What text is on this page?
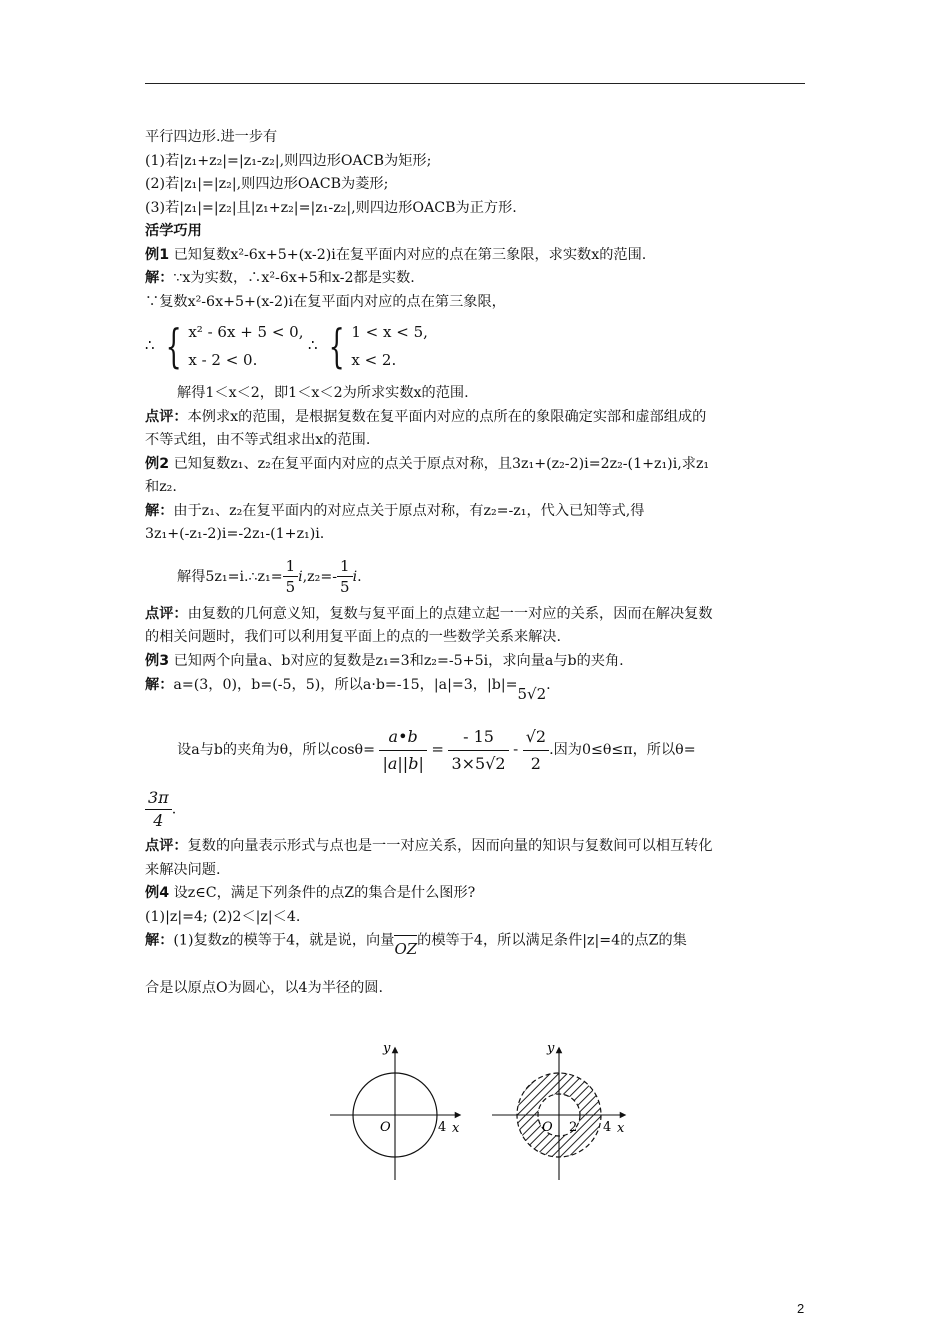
平行四边形.进一步有
(1)若|z₁+z₂|=|z₁-z₂|,则四边形OACB为矩形;
(2)若|z₁|=|z₂|,则四边形OACB为菱形;
(3)若|z₁|=|z₂|且|z₁+z₂|=|z₁-z₂|,则四边形OACB为正方形.
活学巧用
例1 已知复数x²-6x+5+(x-2)i在复平面内对应的点在第三象限，求实数x的范围.
解：∵x为实数，∴x²-6x+5和x-2都是实数.
∵复数x²-6x+5+(x-2)i在复平面内对应的点在第三象限，
∴ { x² - 6x + 5 < 0,
x - 2 < 0.
∴ { 1 < x < 5,
x < 2.
解得1＜x＜2，即1＜x＜2为所求实数x的范围.
点评：本例求x的范围，是根据复数在复平面内对应的点所在的象限确定实部和虚部组成的
不等式组，由不等式组求出x的范围.
例2 已知复数z₁、z₂在复平面内对应的点关于原点对称，且3z₁+(z₂-2)i=2z₂-(1+z₁)i,求z₁
和z₂.
解：由于z₁、z₂在复平面内的对应点关于原点对称，有z₂=-z₁，代入已知等式,得
3z₁+(-z₁-2)i=-2z₁-(1+z₁)i.
解得5z₁=i.∴z₁= $\frac{1}{5} i,z_2=- \frac{1}{5} i$.
点评：由复数的几何意义知，复数与复平面上的点建立起一一对应的关系，因而在解决复数
的相关问题时，我们可以利用复平面上的点的一些数学关系来解决.
例3 已知两个向量a、b对应的复数是z₁=3和z₂=-5+5i，求向量a与b的夹角.
解：a=(3，0)，b=(-5，5)，所以a·b=-15，|a|=3，|b|=5√2.
设a与b的夹角为θ，所以$\cos\theta= \frac{a•b}{|a||b|} = \frac{- 15}{3\times 5√2} - \frac{√2}{2}$ .因为0≤θ≤π，所以θ=
$\frac{3\pi}{4}$ .
点评：复数的向量表示形式与点也是一一对应关系，因而向量的知识与复数间可以相互转化
来解决问题.
例4 设z∈C，满足下列条件的点Z的集合是什么图形?
(1)|z|=4; (2)2＜|z|＜4.
解：(1)复数z的模等于4，就是说，向量 OZ 的模等于4，所以满足条件|z|=4的点Z的集
合是以原点O为圆心，以4为半径的圆.
y
x
O	4
y
x
O 2 4
2
